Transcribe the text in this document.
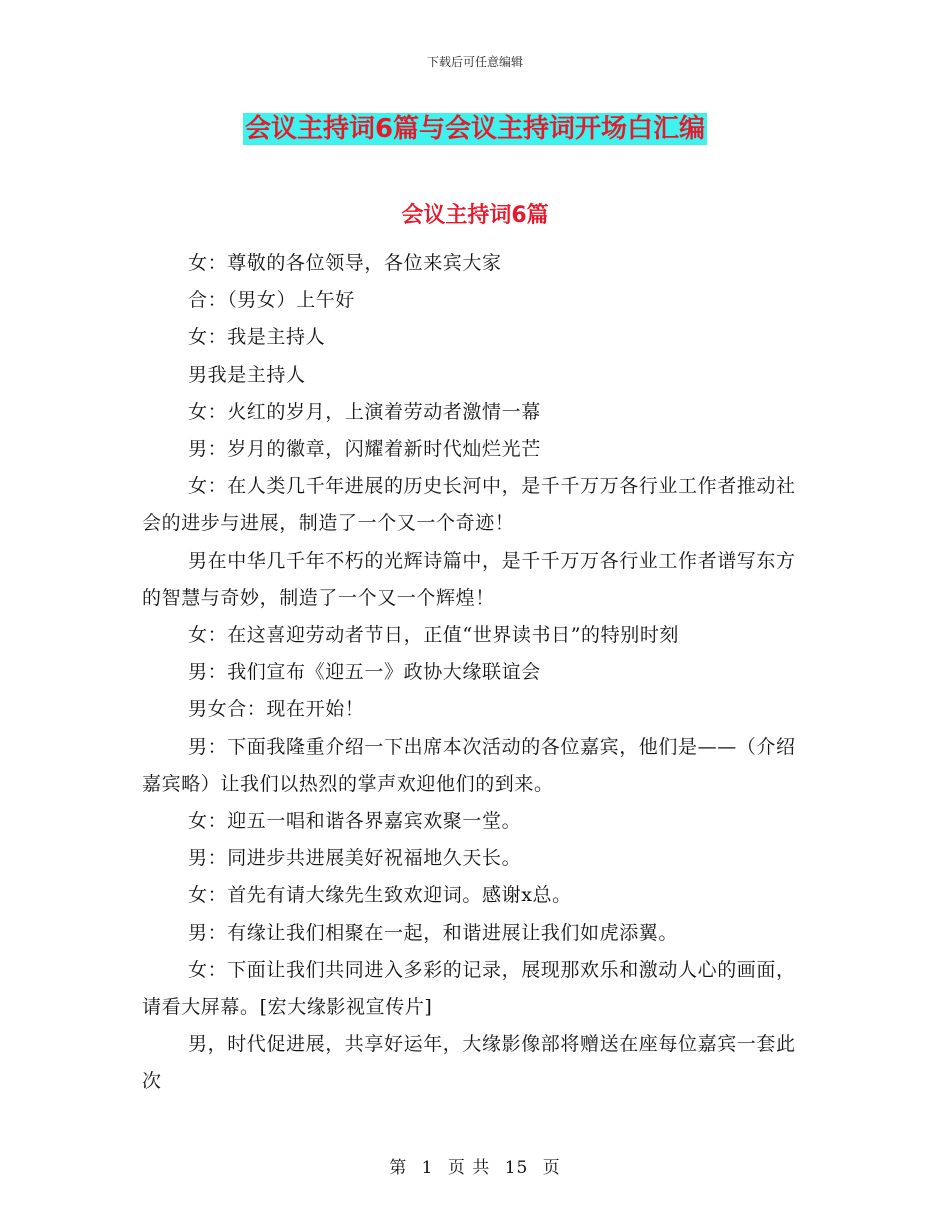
下载后可任意编辑
会议主持词6篇与会议主持词开场白汇编
会议主持词6篇

女：尊敬的各位领导，各位来宾大家

合：（男女）上午好

女：我是主持人

男我是主持人

女：火红的岁月，上演着劳动者激情一幕

男：岁月的徽章，闪耀着新时代灿烂光芒

女：在人类几千年进展的历史长河中，是千千万万各行业工作者推动社会的进步与进展，制造了一个又一个奇迹！

男在中华几千年不朽的光辉诗篇中，是千千万万各行业工作者谱写东方的智慧与奇妙，制造了一个又一个辉煌！

女：在这喜迎劳动者节日，正值“世界读书日”的特别时刻

男：我们宣布《迎五一》政协大缘联谊会

男女合：现在开始！

男：下面我隆重介绍一下出席本次活动的各位嘉宾，他们是——（介绍嘉宾略）让我们以热烈的掌声欢迎他们的到来。

女：迎五一唱和谐各界嘉宾欢聚一堂。

男：同进步共进展美好祝福地久天长。

女：首先有请大缘先生致欢迎词。感谢x总。

男：有缘让我们相聚在一起，和谐进展让我们如虎添翼。

女：下面让我们共同进入多彩的记录，展现那欢乐和激动人心的画面，请看大屏幕。[宏大缘影视宣传片]

男，时代促进展，共享好运年，大缘影像部将赠送在座每位嘉宾一套此次

第 1 页 共 15 页
